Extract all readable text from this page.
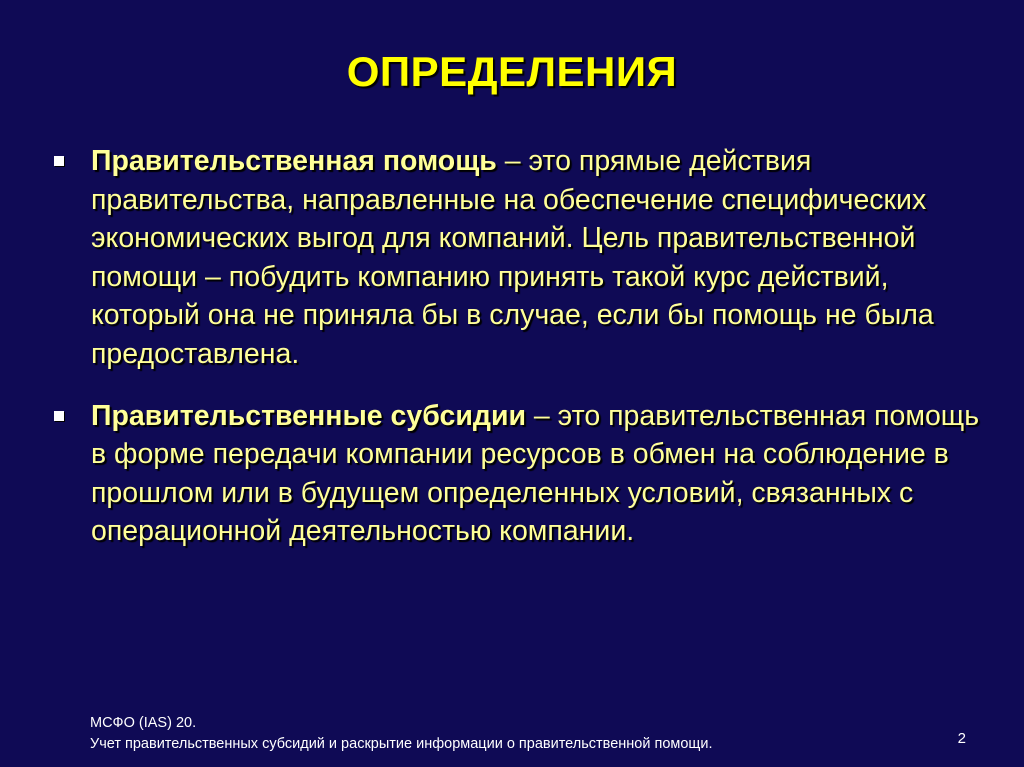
ОПРЕДЕЛЕНИЯ
Правительственная помощь – это прямые действия правительства, направленные на обеспечение специфических экономических выгод для компаний. Цель правительственной помощи – побудить компанию принять такой курс действий, который она не приняла бы в случае, если бы помощь не была предоставлена.
Правительственные субсидии – это правительственная помощь в форме передачи компании ресурсов в обмен на соблюдение в прошлом или в будущем определенных условий, связанных с операционной деятельностью компании.
МСФО (IAS) 20.
Учет правительственных субсидий и раскрытие информации о правительственной помощи.	2
